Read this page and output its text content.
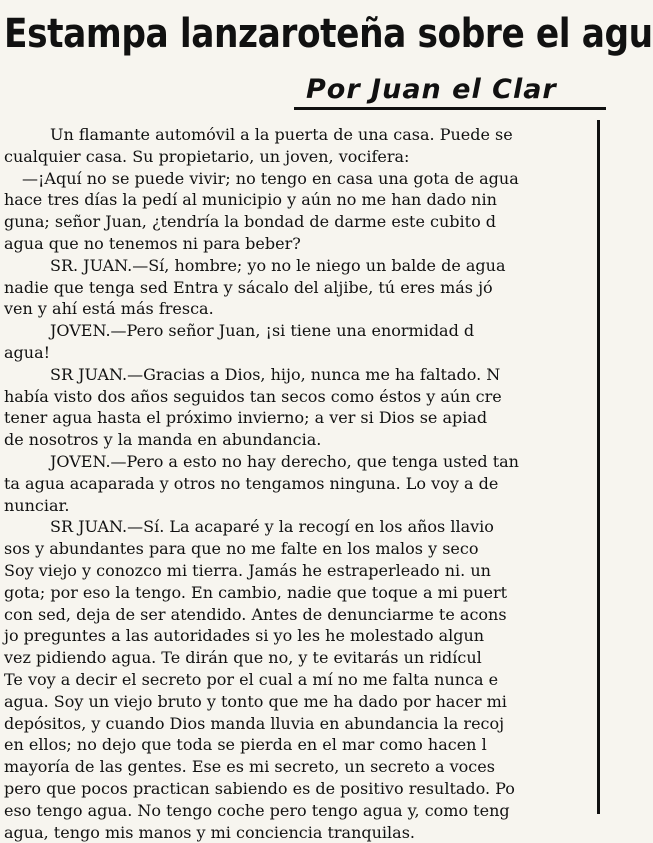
Estampa lanzaroteña sobre el agu
Por Juan el Clar
Un flamante automóvil a la puerta de una casa. Puede se
cualquier casa. Su propietario, un joven, vocifera:
—¡Aquí no se puede vivir; no tengo en casa una gota de agua
hace tres días la pedí al municipio y aún no me han dado nin
guna; señor Juan, ¿tendría la bondad de darme este cubito d
agua que no tenemos ni para beber?
SR. JUAN.—Sí, hombre; yo no le niego un balde de agua
nadie que tenga sed Entra y sácalo del aljibe, tú eres más jó
ven y ahí está más fresca.
JOVEN.—Pero señor Juan, ¡si tiene una enormidad d
agua!
SR JUAN.—Gracias a Dios, hijo, nunca me ha faltado. N
había visto dos años seguidos tan secos como éstos y aún cre
tener agua hasta el próximo invierno; a ver si Dios se apiad
de nosotros y la manda en abundancia.
JOVEN.—Pero a esto no hay derecho, que tenga usted tan
ta agua acaparada y otros no tengamos ninguna. Lo voy a de
nunciar.
SR JUAN.—Sí. La acaparé y la recogí en los años llavio
sos y abundantes para que no me falte en los malos y seco
Soy viejo y conozco mi tierra. Jamás he estraperleado ni. un
gota; por eso la tengo. En cambio, nadie que toque a mi puert
con sed, deja de ser atendido. Antes de denunciarme te acons
jo preguntes a las autoridades si yo les he molestado algun
vez pidiendo agua. Te dirán que no, y te evitarás un ridícul
Te voy a decir el secreto por el cual a mí no me falta nunca e
agua. Soy un viejo bruto y tonto que me ha dado por hacer mi
depósitos, y cuando Dios manda lluvia en abundancia la recoj
en ellos; no dejo que toda se pierda en el mar como hacen l
mayoría de las gentes. Ese es mi secreto, un secreto a voces
pero que pocos practican sabiendo es de positivo resultado. Po
eso tengo agua. No tengo coche pero tengo agua y, como teng
agua, tengo mis manos y mi conciencia tranquilas.
